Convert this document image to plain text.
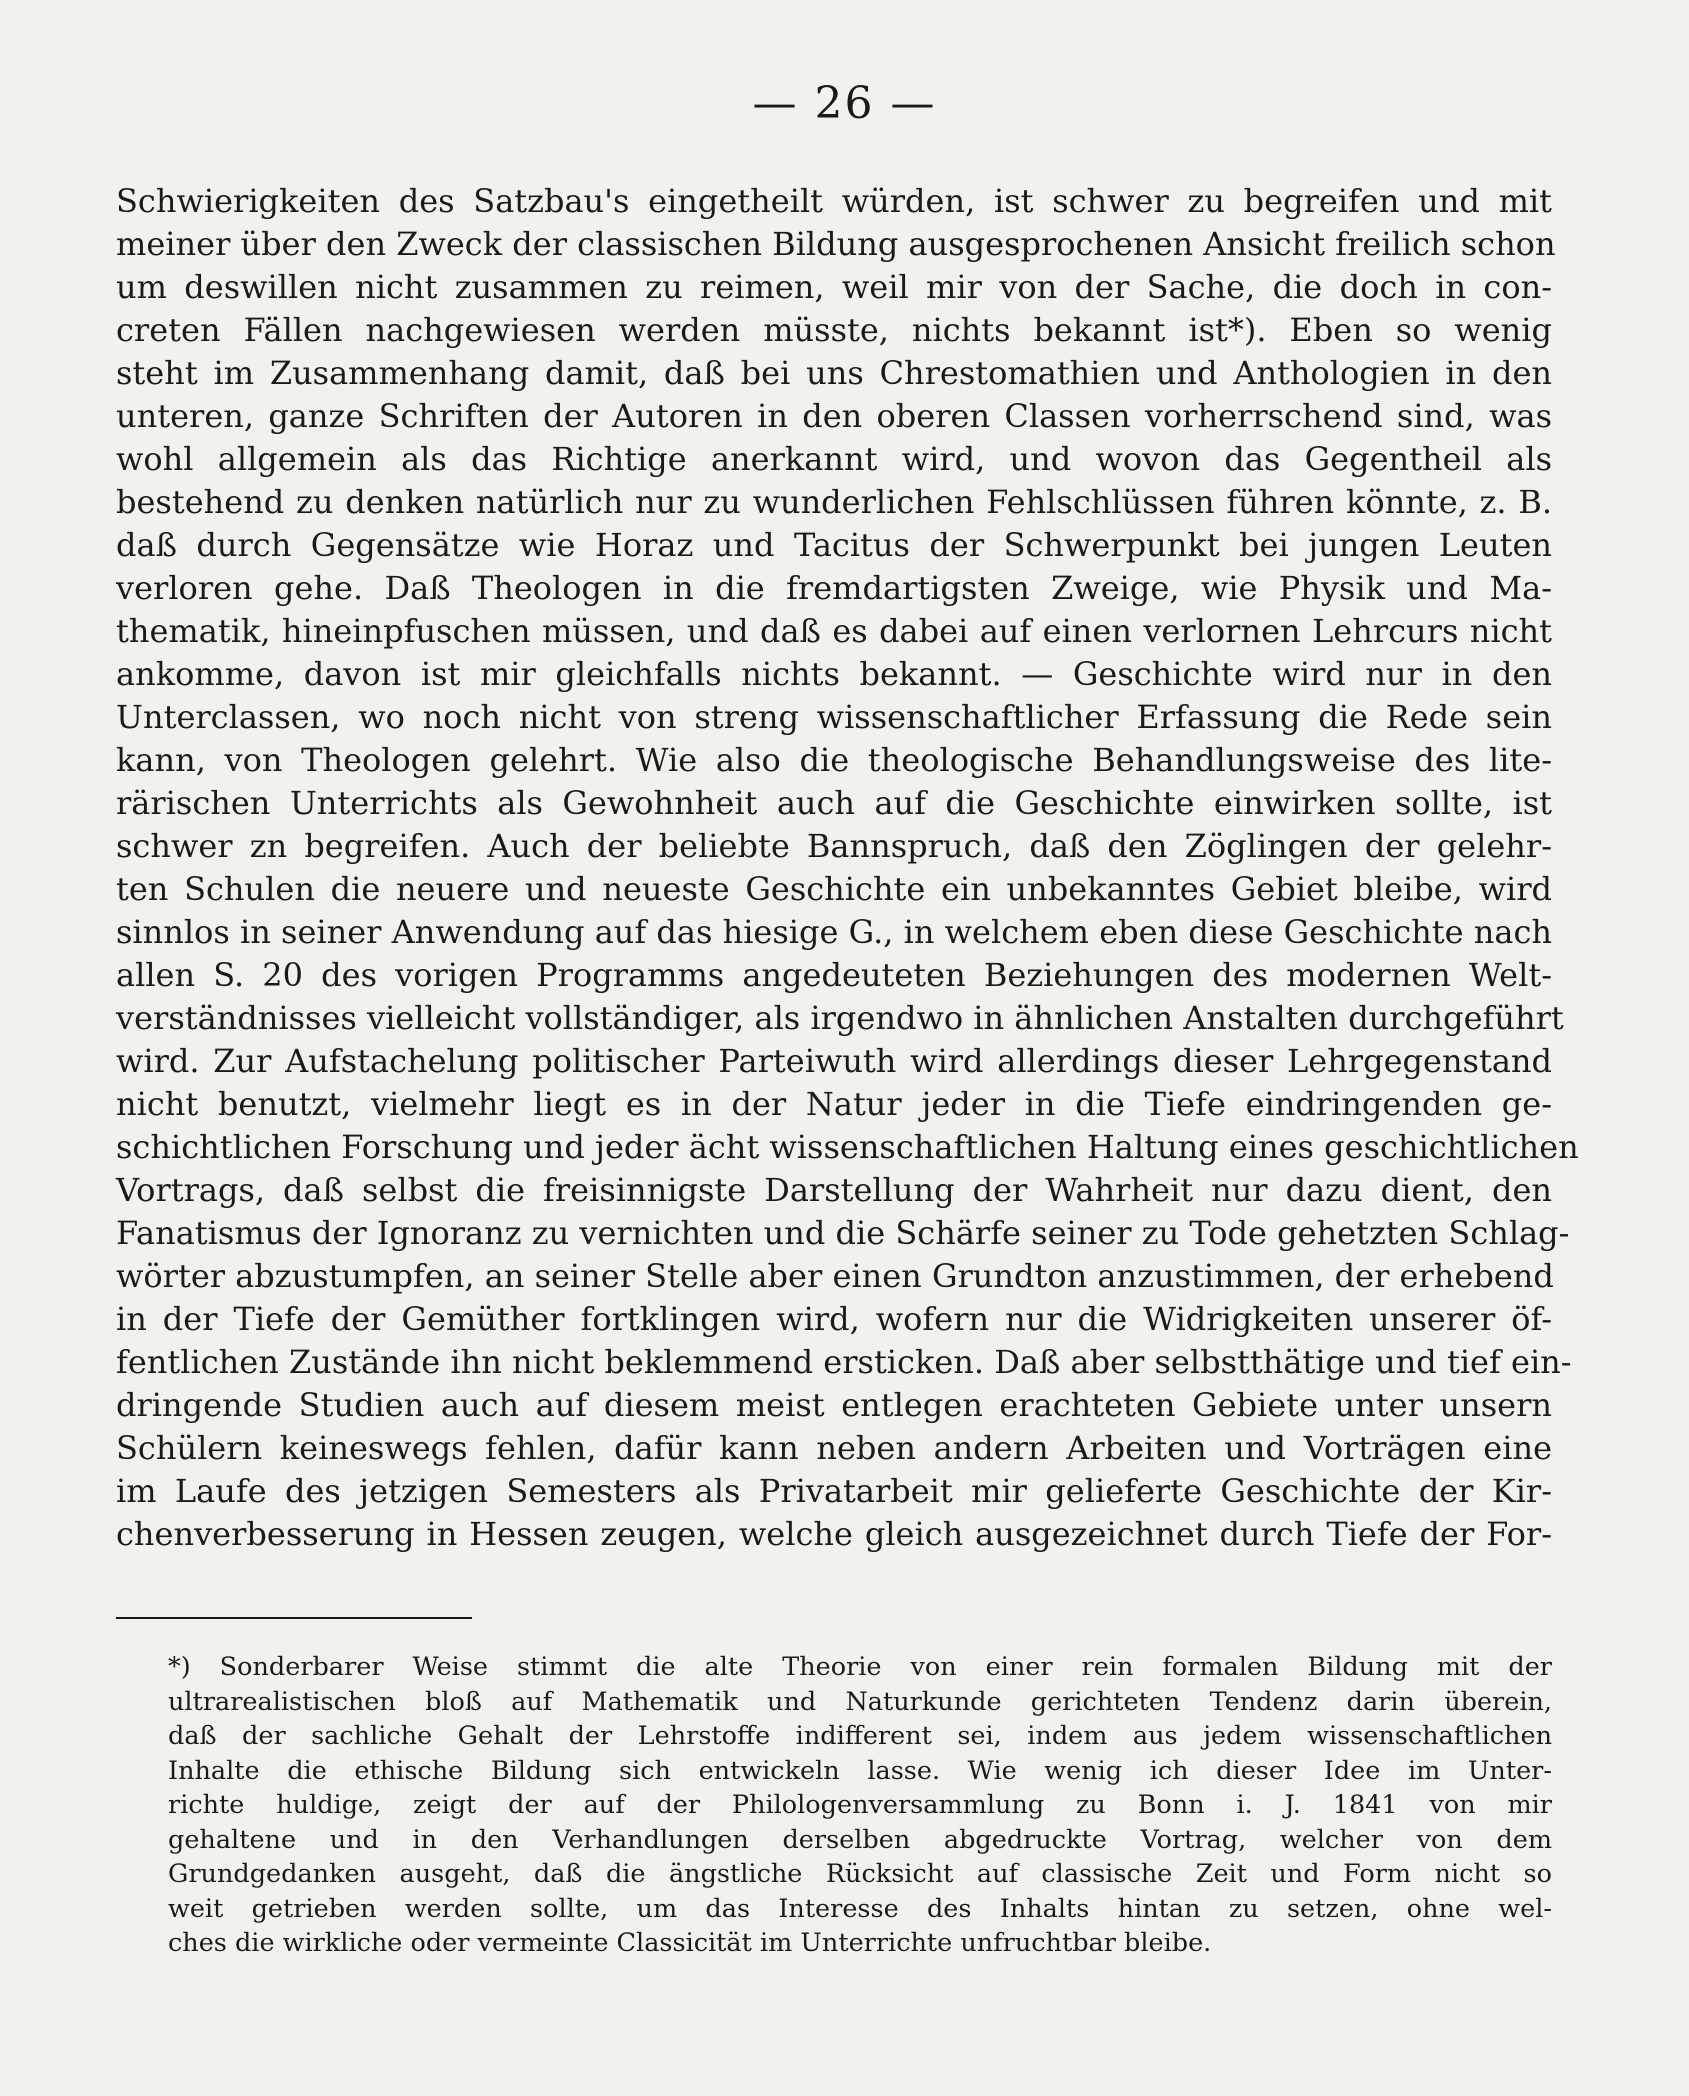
— 26 —
Schwierigkeiten des Satzbau's eingetheilt würden, ist schwer zu begreifen und mit
meiner über den Zweck der classischen Bildung ausgesprochenen Ansicht freilich schon
um deswillen nicht zusammen zu reimen, weil mir von der Sache, die doch in con-
creten Fällen nachgewiesen werden müsste, nichts bekannt ist*). Eben so wenig
steht im Zusammenhang damit, daß bei uns Chrestomathien und Anthologien in den
unteren, ganze Schriften der Autoren in den oberen Classen vorherrschend sind, was
wohl allgemein als das Richtige anerkannt wird, und wovon das Gegentheil als
bestehend zu denken natürlich nur zu wunderlichen Fehlschlüssen führen könnte, z. B.
daß durch Gegensätze wie Horaz und Tacitus der Schwerpunkt bei jungen Leuten
verloren gehe. Daß Theologen in die fremdartigsten Zweige, wie Physik und Ma-
thematik, hineinpfuschen müssen, und daß es dabei auf einen verlornen Lehrcurs nicht
ankomme, davon ist mir gleichfalls nichts bekannt. — Geschichte wird nur in den
Unterclassen, wo noch nicht von streng wissenschaftlicher Erfassung die Rede sein
kann, von Theologen gelehrt. Wie also die theologische Behandlungsweise des lite-
rärischen Unterrichts als Gewohnheit auch auf die Geschichte einwirken sollte, ist
schwer zn begreifen. Auch der beliebte Bannspruch, daß den Zöglingen der gelehr-
ten Schulen die neuere und neueste Geschichte ein unbekanntes Gebiet bleibe, wird
sinnlos in seiner Anwendung auf das hiesige G., in welchem eben diese Geschichte nach
allen S. 20 des vorigen Programms angedeuteten Beziehungen des modernen Welt-
verständnisses vielleicht vollständiger, als irgendwo in ähnlichen Anstalten durchgeführt
wird. Zur Aufstachelung politischer Parteiwuth wird allerdings dieser Lehrgegenstand
nicht benutzt, vielmehr liegt es in der Natur jeder in die Tiefe eindringenden ge-
schichtlichen Forschung und jeder ächt wissenschaftlichen Haltung eines geschichtlichen
Vortrags, daß selbst die freisinnigste Darstellung der Wahrheit nur dazu dient, den
Fanatismus der Ignoranz zu vernichten und die Schärfe seiner zu Tode gehetzten Schlag-
wörter abzustumpfen, an seiner Stelle aber einen Grundton anzustimmen, der erhebend
in der Tiefe der Gemüther fortklingen wird, wofern nur die Widrigkeiten unserer öf-
fentlichen Zustände ihn nicht beklemmend ersticken. Daß aber selbstthätige und tief ein-
dringende Studien auch auf diesem meist entlegen erachteten Gebiete unter unsern
Schülern keineswegs fehlen, dafür kann neben andern Arbeiten und Vorträgen eine
im Laufe des jetzigen Semesters als Privatarbeit mir gelieferte Geschichte der Kir-
chenverbesserung in Hessen zeugen, welche gleich ausgezeichnet durch Tiefe der For-
*) Sonderbarer Weise stimmt die alte Theorie von einer rein formalen Bildung mit der
ultrarealistischen bloß auf Mathematik und Naturkunde gerichteten Tendenz darin überein,
daß der sachliche Gehalt der Lehrstoffe indifferent sei, indem aus jedem wissenschaftlichen
Inhalte die ethische Bildung sich entwickeln lasse. Wie wenig ich dieser Idee im Unter-
richte huldige, zeigt der auf der Philologenversammlung zu Bonn i. J. 1841 von mir
gehaltene und in den Verhandlungen derselben abgedruckte Vortrag, welcher von dem
Grundgedanken ausgeht, daß die ängstliche Rücksicht auf classische Zeit und Form nicht so
weit getrieben werden sollte, um das Interesse des Inhalts hintan zu setzen, ohne wel-
ches die wirkliche oder vermeinte Classicität im Unterrichte unfruchtbar bleibe.
